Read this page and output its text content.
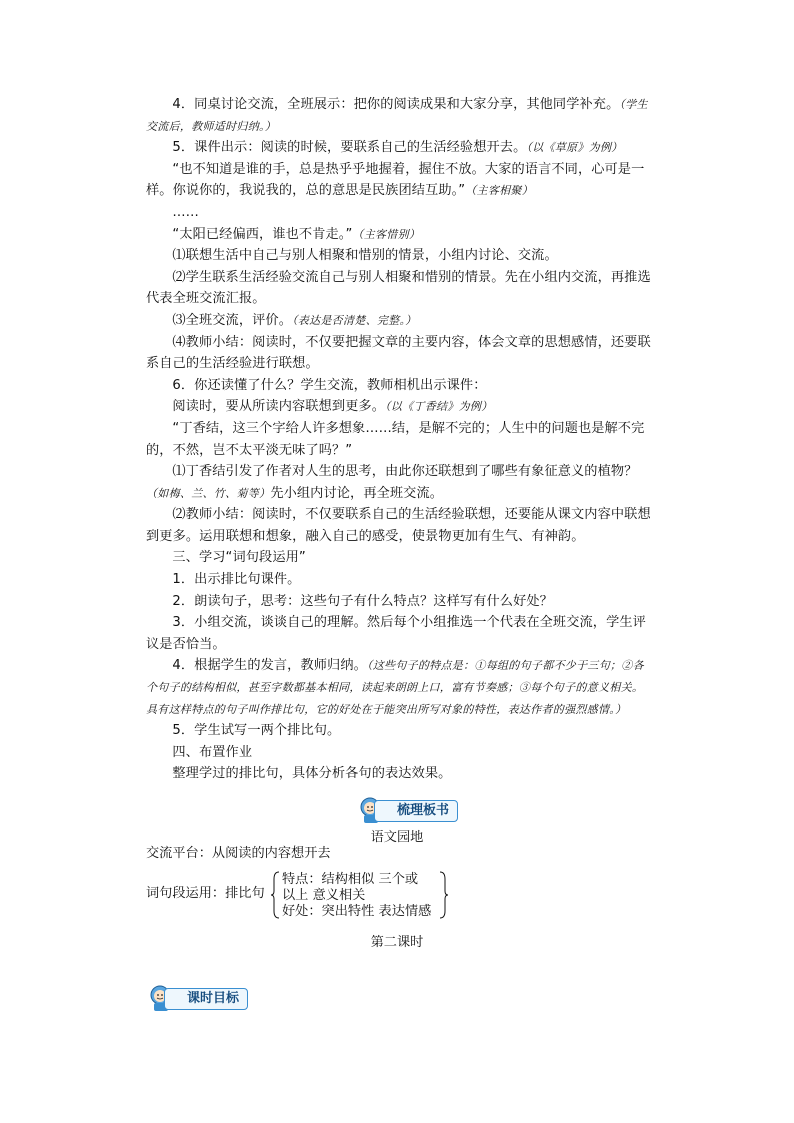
4．同桌讨论交流，全班展示：把你的阅读成果和大家分享，其他同学补充。（学生交流后，教师适时归纳。）

5．课件出示：阅读的时候，要联系自己的生活经验想开去。（以《草原》为例）

“也不知道是谁的手，总是热乎乎地握着，握住不放。大家的语言不同，心可是一样。你说你的，我说我的，总的意思是民族团结互助。”（主客相聚）

……

“太阳已经偏西，谁也不肯走。”（主客惜别）

⑴联想生活中自己与别人相聚和惜别的情景，小组内讨论、交流。

⑵学生联系生活经验交流自己与别人相聚和惜别的情景。先在小组内交流，再推选代表全班交流汇报。

⑶全班交流，评价。（表达是否清楚、完整。）

⑷教师小结：阅读时，不仅要把握文章的主要内容，体会文章的思想感情，还要联系自己的生活经验进行联想。

6．你还读懂了什么？学生交流，教师相机出示课件：

阅读时，要从所读内容联想到更多。（以《丁香结》为例）

“丁香结，这三个字给人许多想象……结，是解不完的；人生中的问题也是解不完的，不然，岂不太平淡无味了吗？”

⑴丁香结引发了作者对人生的思考，由此你还联想到了哪些有象征意义的植物？（如梅、兰、竹、菊等）先小组内讨论，再全班交流。

⑵教师小结：阅读时，不仅要联系自己的生活经验联想，还要能从课文内容中联想到更多。运用联想和想象，融入自己的感受，使景物更加有生气、有神韵。

三、学习“词句段运用”

1．出示排比句课件。

2．朗读句子，思考：这些句子有什么特点？这样写有什么好处？

3．小组交流，谈谈自己的理解。然后每个小组推选一个代表在全班交流，学生评议是否恰当。

4．根据学生的发言，教师归纳。（这些句子的特点是：①每组的句子都不少于三句；②各个句子的结构相似，甚至字数都基本相同，读起来朗朗上口，富有节奏感；③每个句子的意义相关。具有这样特点的句子叫作排比句，它的好处在于能突出所写对象的特性，表达作者的强烈感情。）

5．学生试写一两个排比句。

四、布置作业

整理学过的排比句，具体分析各句的表达效果。

梳理板书
语文园地
交流平台：从阅读的内容想开去
词句段运用：排比句
特点：结构相似 三个或
以上 意义相关
好处：突出特性 表达情感
第二课时
课时目标
